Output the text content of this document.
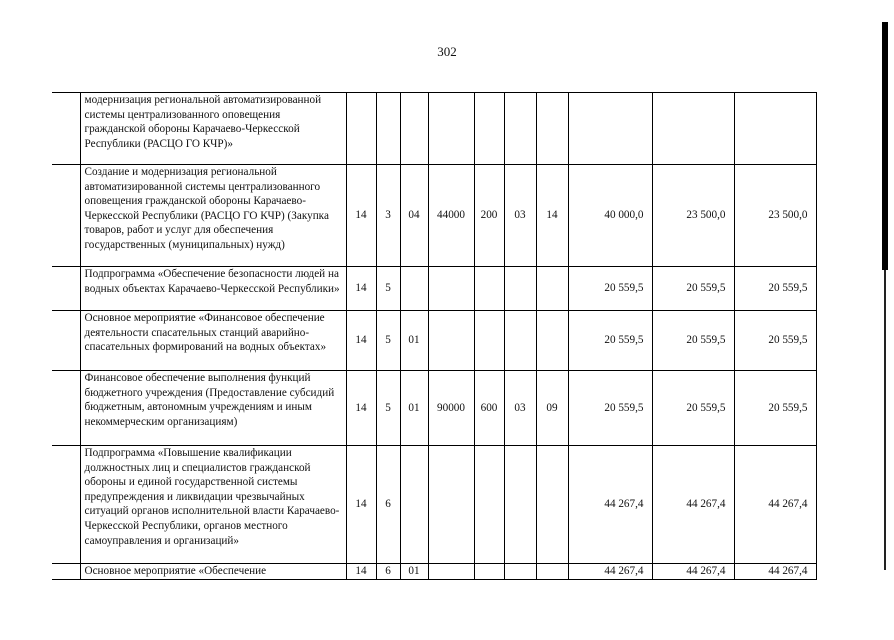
302
	модернизация региональной автоматизированной системы централизованного оповещения гражданской обороны Карачаево-Черкесской Республики (РАСЦО ГО КЧР)»										
	Создание и модернизация региональной автоматизированной системы централизованного оповещения гражданской обороны Карачаево-Черкесской Республики (РАСЦО ГО КЧР) (Закупка товаров, работ и услуг для обеспечения государственных (муниципальных) нужд)	14	3	04	44000	200	03	14	40 000,0	23 500,0	23 500,0
	Подпрограмма «Обеспечение безопасности людей на водных объектах Карачаево-Черкесской Республики»	14	5						20 559,5	20 559,5	20 559,5
	Основное мероприятие «Финансовое обеспечение деятельности спасательных станций аварийно-спасательных формирований на водных объектах»	14	5	01					20 559,5	20 559,5	20 559,5
	Финансовое обеспечение выполнения функций бюджетного учреждения (Предоставление субсидий бюджетным, автономным учреждениям и иным некоммерческим организациям)	14	5	01	90000	600	03	09	20 559,5	20 559,5	20 559,5
	Подпрограмма «Повышение квалификации должностных лиц и специалистов гражданской обороны и единой государственной системы предупреждения и ликвидации чрезвычайных ситуаций органов исполнительной власти Карачаево-Черкесской Республики, органов местного самоуправления и организаций»	14	6						44 267,4	44 267,4	44 267,4
	Основное мероприятие «Обеспечение	14	6	01					44 267,4	44 267,4	44 267,4
